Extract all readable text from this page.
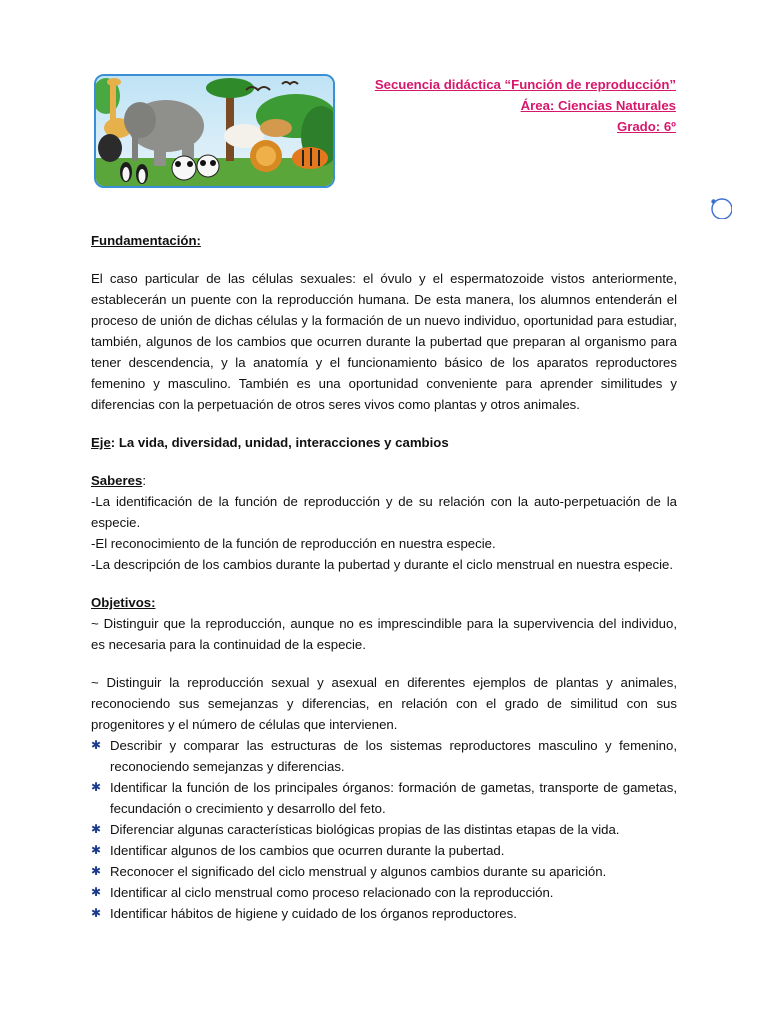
Secuencia didáctica “Función de reproducción”
Área: Ciencias Naturales
Grado: 6º
Fundamentación:

El caso particular de las células sexuales: el óvulo y el espermatozoide vistos anteriormente, establecerán un puente con la reproducción humana. De esta manera, los alumnos entenderán el proceso de unión de dichas células y la formación de un nuevo individuo, oportunidad para estudiar, también, algunos de los cambios que ocurren durante la pubertad que preparan al organismo para tener descendencia, y la anatomía y el funcionamiento básico de los aparatos reproductores femenino y masculino. También es una oportunidad conveniente para aprender similitudes y diferencias con la perpetuación de otros seres vivos como plantas y otros animales.

Eje: La vida, diversidad, unidad, interacciones y cambios
Saberes:

-La identificación de la función de reproducción y de su relación con la auto-perpetuación de la especie.

-El reconocimiento de la función de reproducción en nuestra especie.

-La descripción de los cambios durante la pubertad y durante el ciclo menstrual en nuestra especie.

Objetivos:

~ Distinguir que la reproducción, aunque no es imprescindible para la supervivencia del individuo, es necesaria para la continuidad de la especie.

~ Distinguir la reproducción sexual y asexual en diferentes ejemplos de plantas y animales, reconociendo sus semejanzas y diferencias, en relación con el grado de similitud con sus progenitores y el número de células que intervienen.

✱ Describir y comparar las estructuras de los sistemas reproductores masculino y femenino, reconociendo semejanzas y diferencias.
✱ Identificar la función de los principales órganos: formación de gametas, transporte de gametas, fecundación o crecimiento y desarrollo del feto.
✱ Diferenciar algunas características biológicas propias de las distintas etapas de la vida.
✱ Identificar algunos de los cambios que ocurren durante la pubertad.
✱ Reconocer el significado del ciclo menstrual y algunos cambios durante su aparición.
✱ Identificar al ciclo menstrual como proceso relacionado con la reproducción.
✱ Identificar hábitos de higiene y cuidado de los órganos reproductores.
